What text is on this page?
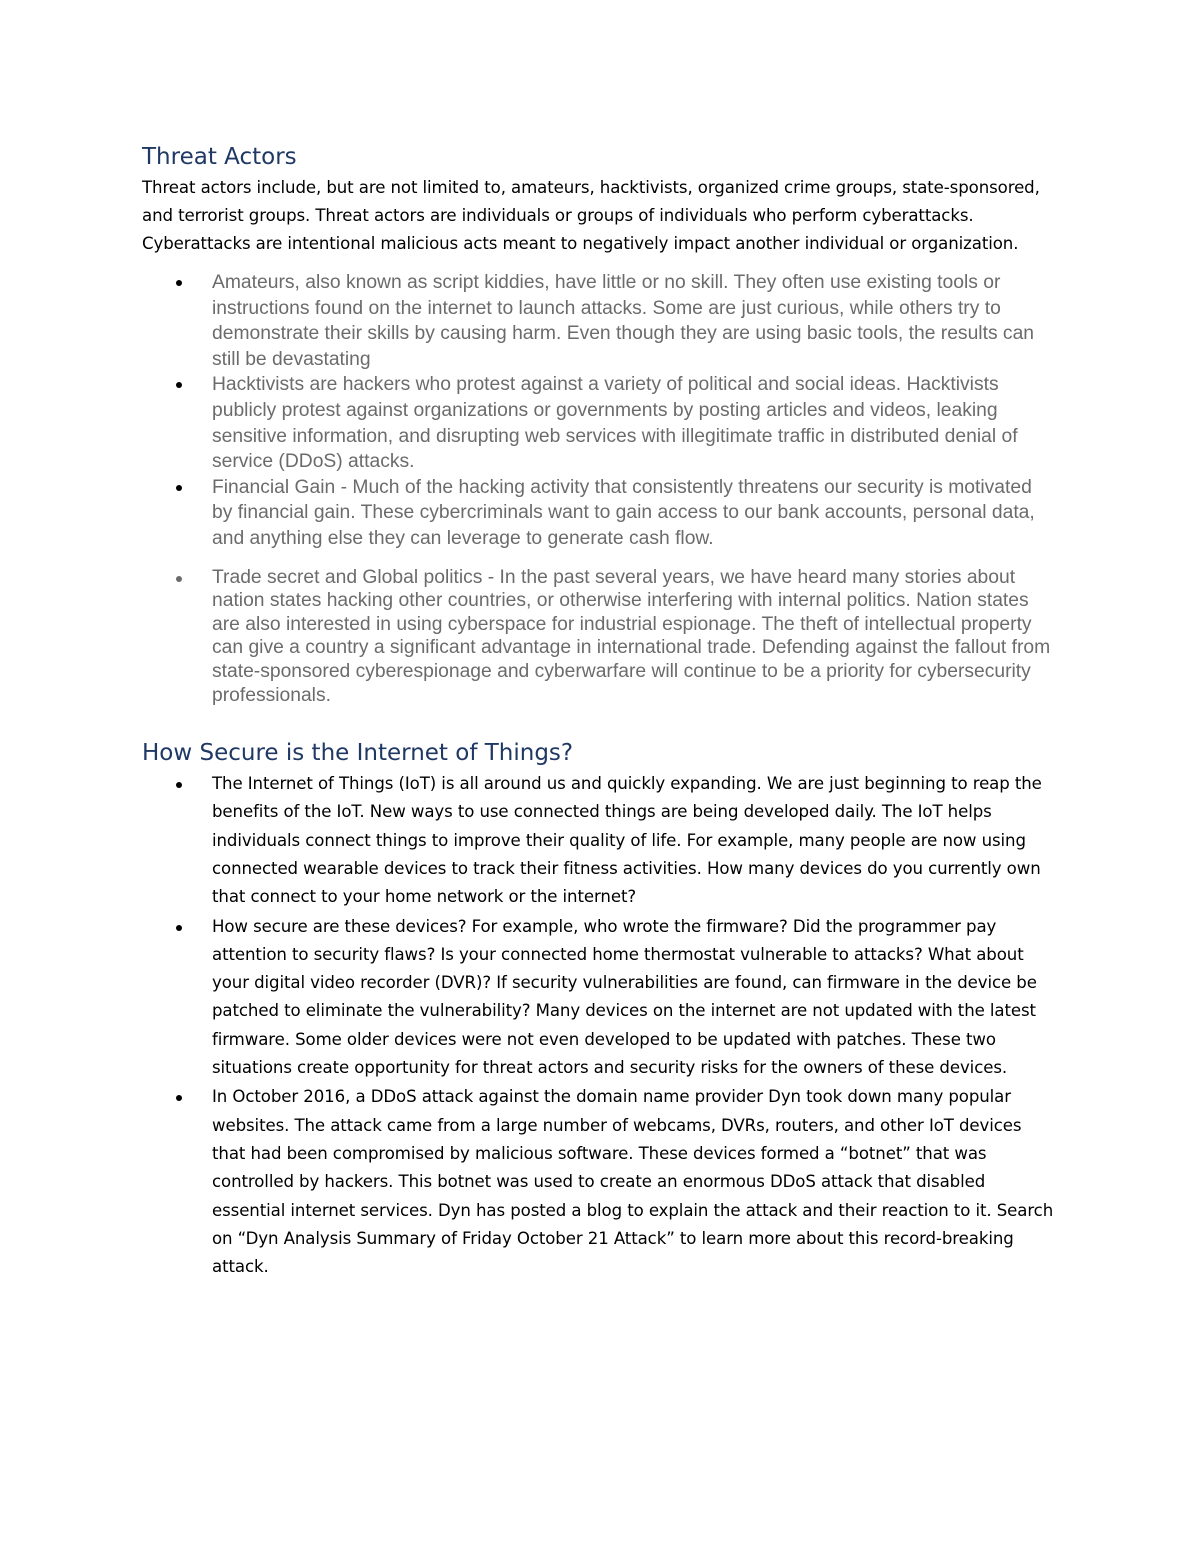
Threat Actors

Threat actors include, but are not limited to, amateurs, hacktivists, organized crime groups, state-sponsored, and terrorist groups. Threat actors are individuals or groups of individuals who perform cyberattacks. Cyberattacks are intentional malicious acts meant to negatively impact another individual or organization.

Amateurs, also known as script kiddies, have little or no skill. They often use existing tools or instructions found on the internet to launch attacks. Some are just curious, while others try to demonstrate their skills by causing harm. Even though they are using basic tools, the results can still be devastating
Hacktivists are hackers who protest against a variety of political and social ideas. Hacktivists publicly protest against organizations or governments by posting articles and videos, leaking sensitive information, and disrupting web services with illegitimate traffic in distributed denial of service (DDoS) attacks.
Financial Gain - Much of the hacking activity that consistently threatens our security is motivated by financial gain. These cybercriminals want to gain access to our bank accounts, personal data, and anything else they can leverage to generate cash flow.
Trade secret and Global politics - In the past several years, we have heard many stories about nation states hacking other countries, or otherwise interfering with internal politics. Nation states are also interested in using cyberspace for industrial espionage. The theft of intellectual property can give a country a significant advantage in international trade. Defending against the fallout from state-sponsored cyberespionage and cyberwarfare will continue to be a priority for cybersecurity professionals.
How Secure is the Internet of Things?
The Internet of Things (IoT) is all around us and quickly expanding. We are just beginning to reap the benefits of the IoT. New ways to use connected things are being developed daily. The IoT helps individuals connect things to improve their quality of life. For example, many people are now using connected wearable devices to track their fitness activities. How many devices do you currently own that connect to your home network or the internet?
How secure are these devices? For example, who wrote the firmware? Did the programmer pay attention to security flaws? Is your connected home thermostat vulnerable to attacks? What about your digital video recorder (DVR)? If security vulnerabilities are found, can firmware in the device be patched to eliminate the vulnerability? Many devices on the internet are not updated with the latest firmware. Some older devices were not even developed to be updated with patches. These two situations create opportunity for threat actors and security risks for the owners of these devices.
In October 2016, a DDoS attack against the domain name provider Dyn took down many popular websites. The attack came from a large number of webcams, DVRs, routers, and other IoT devices that had been compromised by malicious software. These devices formed a “botnet” that was controlled by hackers. This botnet was used to create an enormous DDoS attack that disabled essential internet services. Dyn has posted a blog to explain the attack and their reaction to it. Search on “Dyn Analysis Summary of Friday October 21 Attack” to learn more about this record-breaking attack.
